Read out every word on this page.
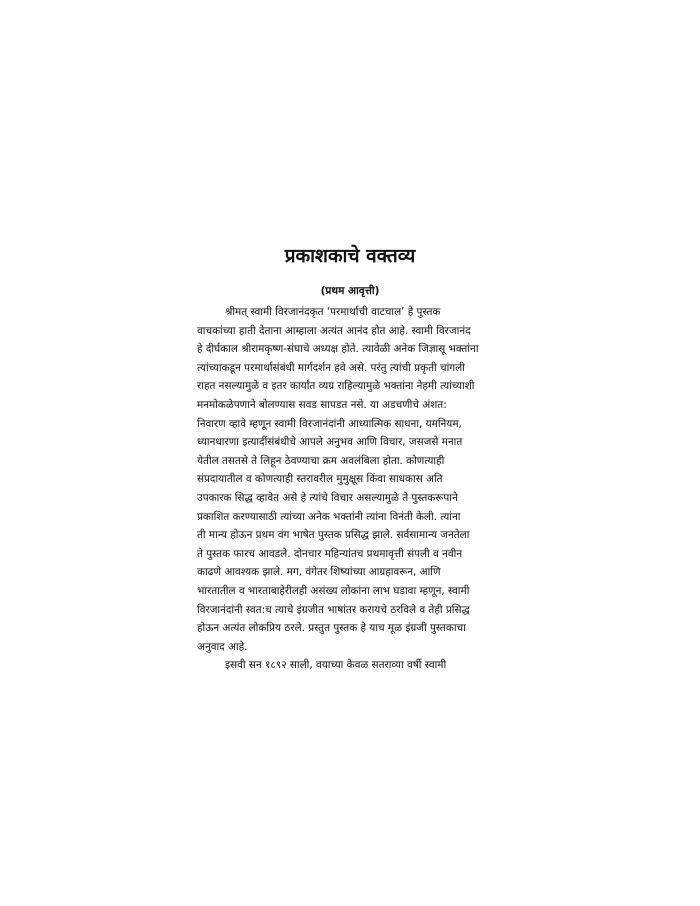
प्रकाशकाचे वक्तव्य
(प्रथम आवृत्ती)
श्रीमत् स्वामी विरजानंदकृत ‘परमार्थाची वाटचाल’ हे पुस्तक
वाचकांच्या हाती देताना आम्हाला अत्यंत आनंद होत आहे. स्वामी विरजानंद
हे दीर्घकाल श्रीरामकृष्ण-संघाचे अध्यक्ष होते. त्यावेळी अनेक जिज्ञासू भक्तांना
त्यांच्याकडून परमार्थासंबंधी मार्गदर्शन हवे असे. परंतु त्यांची प्रकृती चांगली
राहत नसल्यामुळे व इतर कार्यांत व्यग्र राहिल्यामुळे भक्तांना नेहमी त्यांच्याशी
मनमोकळेपणाने बोलण्यास सवड सापडत नसे. या अडचणीचे अंशत:
निवारण व्हावे म्हणून स्वामी विरजानंदांनी आध्यात्मिक साधना, यमनियम,
ध्यानधारणा इत्यादींसंबंधीचे आपले अनुभव आणि विचार, जसजसे मनात
येतील तसतसे ते लिहून ठेवण्याचा क्रम अवलंबिला होता. कोणत्याही
संप्रदायातील व कोणत्याही स्तरावरील मुमुक्षूस किंवा साधकास अति
उपकारक सिद्ध व्हावेत असे हे त्यांचे विचार असल्यामुळे ते पुस्तकरूपाने
प्रकाशित करण्यासाठी त्यांच्या अनेक भक्तांनी त्यांना विनंती केली. त्यांना
ती मान्य होऊन प्रथम वंग भाषेत पुस्तक प्रसिद्ध झाले. सर्वसामान्य जनतेला
ते पुस्तक फारच आवडले. दोनचार महिन्यांतच प्रथमावृत्ती संपली व नवीन
काढणे आवश्यक झाले. मग, वंगेतर शिष्यांच्या आग्रहावरून, आणि
भारतातील व भारताबाहेरीलही असंख्य लोकांना लाभ घडावा म्हणून, स्वामी
विरजानंदांनी स्वत:च त्याचे इंग्रजीत भाषांतर करायचे ठरविले व तेही प्रसिद्ध
होऊन अत्यंत लोकप्रिय ठरले. प्रस्तुत पुस्तक हे याच मूळ इंग्रजी पुस्तकाचा
अनुवाद आहे.
इसवी सन १८९२ साली, वयाच्या केवळ सतराव्या वर्षी स्वामी
